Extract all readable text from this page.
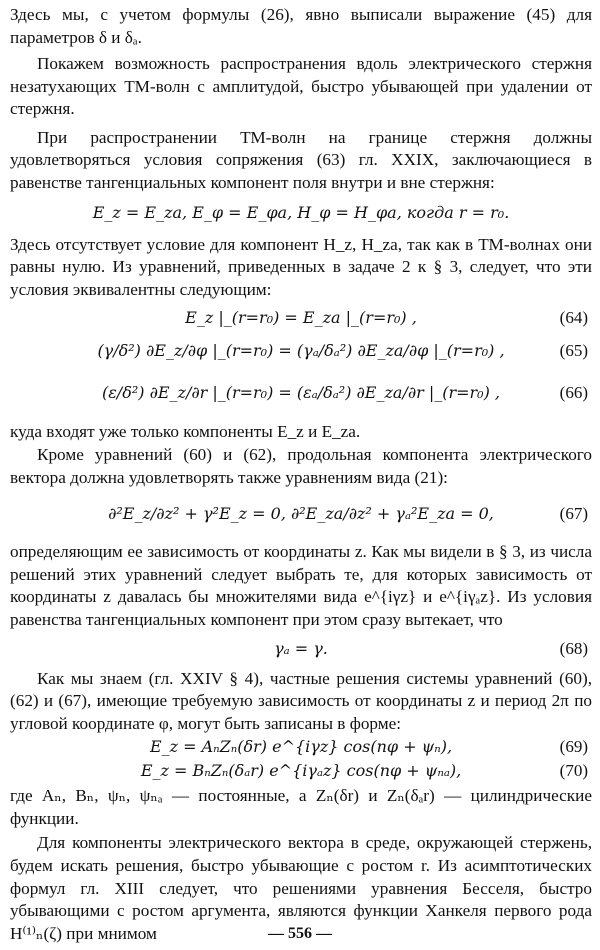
Здесь мы, с учетом формулы (26), явно выписали выражение (45) для параметров δ и δₐ.

Покажем возможность распространения вдоль электрического стержня незатухающих ТМ-волн с амплитудой, быстро убывающей при удалении от стержня.

При распространении ТМ-волн на границе стержня должны удовлетворяться условия сопряжения (63) гл. XXIX, заключающиеся в равенстве тангенциальных компонент поля внутри и вне стержня:

E_z = E_za, E_φ = E_φa, H_φ = H_φa, когда r = r₀.

Здесь отсутствует условие для компонент H_z, H_za, так как в ТМ-волнах они равны нулю. Из уравнений, приведенных в задаче 2 к § 3, следует, что эти условия эквивалентны следующим:

E_z |_(r=r₀) = E_za |_(r=r₀) ,	(64)
(γ/δ²) ∂E_z/∂φ |_(r=r₀) = (γₐ/δₐ²) ∂E_za/∂φ |_(r=r₀) ,	(65)
(ε/δ²) ∂E_z/∂r |_(r=r₀) = (εₐ/δₐ²) ∂E_za/∂r |_(r=r₀) ,	(66)

куда входят уже только компоненты E_z и E_za.

Кроме уравнений (60) и (62), продольная компонента электрического вектора должна удовлетворять также уравнениям вида (21):

∂²E_z/∂z² + γ²E_z = 0, ∂²E_za/∂z² + γₐ²E_za = 0,	(67)

определяющим ее зависимость от координаты z. Как мы видели в § 3, из числа решений этих уравнений следует выбрать те, для которых зависимость от координаты z давалась бы множителями вида e^{iγz} и e^{iγₐz}. Из условия равенства тангенциальных компонент при этом сразу вытекает, что

γₐ = γ.	(68)

Как мы знаем (гл. XXIV § 4), частные решения системы уравнений (60), (62) и (67), имеющие требуемую зависимость от координаты z и период 2π по угловой координате φ, могут быть записаны в форме:

E_z = AₙZₙ(δr) e^{iγz} cos(nφ + ψₙ),	(69)
E_z = BₙZₙ(δₐr) e^{iγₐz} cos(nφ + ψₙₐ),	(70)

где Aₙ, Bₙ, ψₙ, ψₙₐ — постоянные, а Zₙ(δr) и Zₙ(δₐr) — цилиндрические функции.

Для компоненты электрического вектора в среде, окружающей стержень, будем искать решения, быстро убывающие с ростом r. Из асимптотических формул гл. XIII следует, что решениями уравнения Бесселя, быстро убывающими с ростом аргумента, являются функции Ханкеля первого рода H⁽¹⁾ₙ(ζ) при мнимом	— 556 —
